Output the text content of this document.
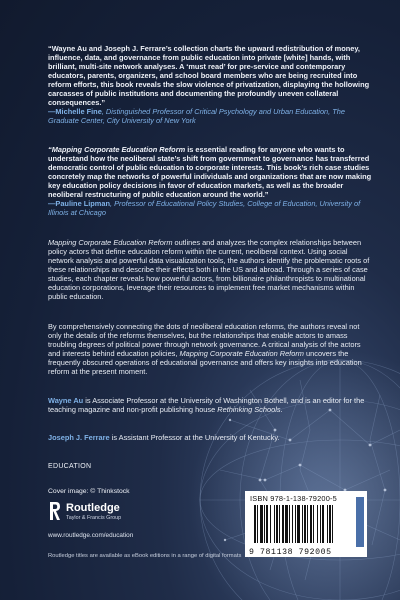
“Wayne Au and Joseph J. Ferrare’s collection charts the upward redistribution of money, influence, data, and governance from public education into private [white] hands, with brilliant, multi-site network analyses. A ‘must read’ for pre-service and contemporary educators, parents, organizers, and school board members who are being recruited into reform efforts, this book reveals the slow violence of privatization, displaying the hollowing carcasses of public institutions and documenting the profoundly uneven collateral consequences.”
—Michelle Fine, Distinguished Professor of Critical Psychology and Urban Education, The Graduate Center, City University of New York
“Mapping Corporate Education Reform is essential reading for anyone who wants to understand how the neoliberal state’s shift from government to governance has transferred democratic control of public education to corporate interests. This book’s rich case studies concretely map the networks of powerful individuals and organizations that are now making key education policy decisions in favor of education markets, as well as the broader neoliberal restructuring of public education around the world.”
—Pauline Lipman, Professor of Educational Policy Studies, College of Education, University of Illinois at Chicago
Mapping Corporate Education Reform outlines and analyzes the complex relationships between policy actors that define education reform within the current, neoliberal context. Using social network analysis and powerful data visualization tools, the authors identify the problematic roots of these relationships and describe their effects both in the US and abroad. Through a series of case studies, each chapter reveals how powerful actors, from billionaire philanthropists to multinational education corporations, leverage their resources to implement free market mechanisms within public education.
By comprehensively connecting the dots of neoliberal education reforms, the authors reveal not only the details of the reforms themselves, but the relationships that enable actors to amass troubling degrees of political power through network governance. A critical analysis of the actors and interests behind education policies, Mapping Corporate Education Reform uncovers the frequently obscured operations of educational governance and offers key insights into education reform at the present moment.
Wayne Au is Associate Professor at the University of Washington Bothell, and is an editor for the teaching magazine and non-profit publishing house Rethinking Schools.
Joseph J. Ferrare is Assistant Professor at the University of Kentucky.
EDUCATION
Cover image: © Thinkstock
Routledge
Taylor & Francis Group
www.routledge.com/education
Routledge titles are available as eBook editions in a range of digital formats
ISBN 978-1-138-79200-5
9 781138 792005
